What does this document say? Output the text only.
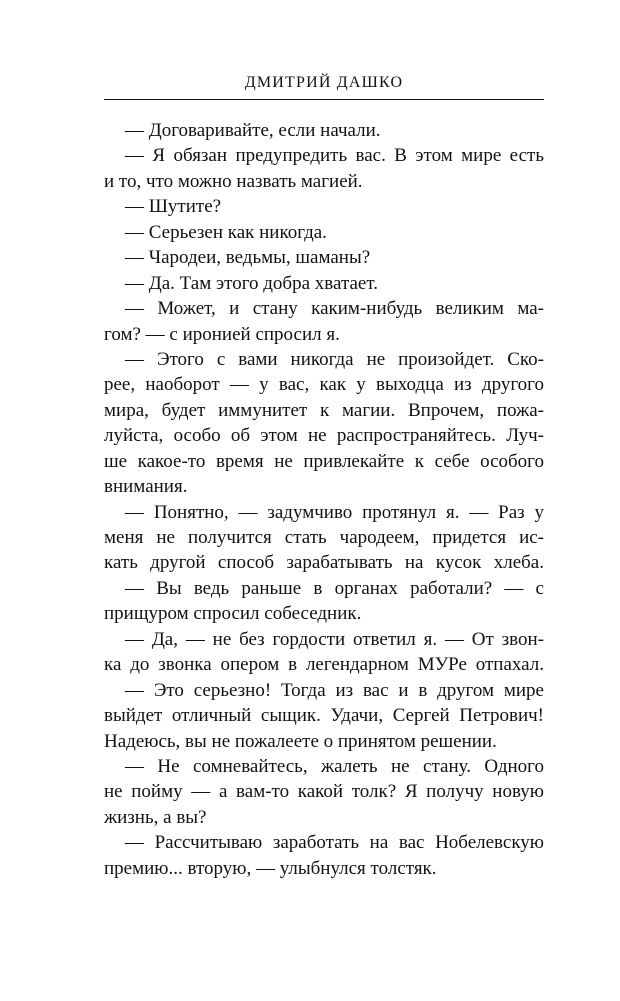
ДМИТРИЙ ДАШКО
— Договаривайте, если начали.
— Я обязан предупредить вас. В этом мире есть
и то, что можно назвать магией.
— Шутите?
— Серьезен как никогда.
— Чародеи, ведьмы, шаманы?
— Да. Там этого добра хватает.
— Может, и стану каким-нибудь великим ма-
гом? — с иронией спросил я.
— Этого с вами никогда не произойдет. Ско-
рее, наоборот — у вас, как у выходца из другого
мира, будет иммунитет к магии. Впрочем, пожа-
луйста, особо об этом не распространяйтесь. Луч-
ше какое-то время не привлекайте к себе особого
внимания.
— Понятно, — задумчиво протянул я. — Раз у
меня не получится стать чародеем, придется ис-
кать другой способ зарабатывать на кусок хлеба.
— Вы ведь раньше в органах работали? — с
прищуром спросил собеседник.
— Да, — не без гордости ответил я. — От звон-
ка до звонка опером в легендарном МУРе отпахал.
— Это серьезно! Тогда из вас и в другом мире
выйдет отличный сыщик. Удачи, Сергей Петрович!
Надеюсь, вы не пожалеете о принятом решении.
— Не сомневайтесь, жалеть не стану. Одного
не пойму — а вам-то какой толк? Я получу новую
жизнь, а вы?
— Рассчитываю заработать на вас Нобелевскую
премию... вторую, — улыбнулся толстяк.
